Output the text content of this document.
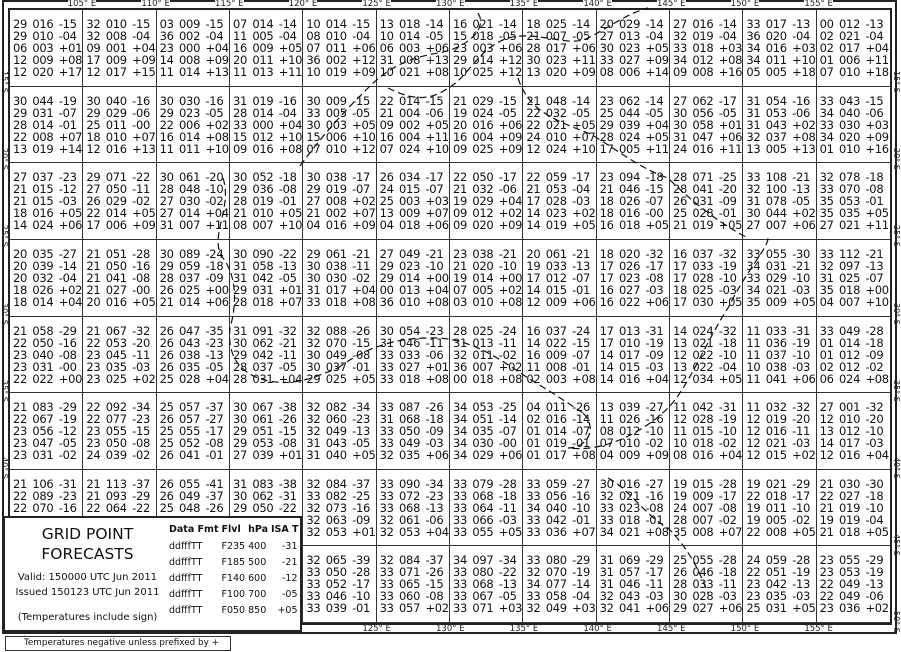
29 016 -15
29 010 -04
06 003 +01
12 009 +08
12 020 +17
32 010 -15
32 008 -04
09 001 +04
17 009 +09
12 017 +15
03 009 -15
36 002 -04
23 000 +04
14 008 +09
11 014 +13
07 014 -14
11 005 -04
16 009 +05
20 011 +10
11 013 +11
10 014 -15
08 010 -04
07 011 +06
36 002 +12
10 019 +09
13 018 -14
10 014 -05
06 003 +06
31 008 +13
10 021 +08
16 021 -14
15 018 -05
23 003 +06
29 014 +12
10 025 +12
18 025 -14
21 007 -05
28 017 +06
30 023 +11
13 020 +09
20 029 -14
27 013 -04
30 023 +05
33 027 +09
08 006 +14
27 016 -14
32 019 -04
33 018 +03
34 012 +08
09 008 +16
33 017 -13
36 020 -04
34 016 +03
34 011 +10
05 005 +18
00 012 -13
02 021 -04
02 017 +04
01 006 +11
07 010 +18
30 044 -19
29 031 -07
28 014 -01
22 008 +07
13 019 +14
30 040 -16
29 029 -06
25 011 -00
18 010 +07
12 016 +13
30 030 -16
29 023 -05
22 006 +02
16 014 +08
11 011 +10
31 019 -16
28 014 -04
33 000 +04
15 012 +10
09 016 +08
30 009 -15
33 005 -05
30 003 +05
15 006 +10
07 010 +12
22 014 -15
21 004 -06
09 002 +05
16 004 +11
07 024 +10
21 029 -15
19 024 -05
20 016 +06
16 004 +09
09 025 +09
21 048 -14
22 032 -05
22 021 +05
24 010 +07
12 024 +10
23 062 -14
25 044 -05
29 039 +04
28 024 +05
17 005 +11
27 062 -17
30 056 -05
30 058 +01
31 047 +06
24 016 +11
31 054 -16
31 053 -06
31 043 +02
32 037 +08
13 005 +13
33 043 -15
34 040 -06
33 030 +03
34 020 +09
01 010 +16
27 037 -23
21 015 -12
21 015 -03
18 016 +05
14 024 +06
29 071 -22
27 050 -11
26 029 -02
22 014 +05
17 006 +09
30 061 -20
28 048 -10
27 030 -02
27 014 +04
31 007 +11
30 052 -18
29 036 -08
28 019 -01
21 010 +05
08 007 +10
30 038 -17
29 019 -07
27 008 +02
21 002 +07
04 016 +09
26 034 -17
24 015 -07
25 003 +03
13 009 +07
04 018 +06
22 050 -17
21 032 -06
19 029 +04
09 012 +02
09 020 +09
22 059 -17
21 053 -04
17 028 -03
14 023 +02
14 019 +05
23 094 -18
21 046 -15
18 026 -07
18 016 -00
16 018 +05
28 071 -25
28 041 -20
26 031 -09
25 028 -01
21 019 +05
33 108 -21
32 100 -13
31 078 -05
30 044 +02
27 007 +06
32 078 -18
33 070 -08
35 053 -01
35 035 +05
27 021 +11
20 035 -27
20 039 -14
20 032 -04
18 026 +02
18 014 +04
21 051 -28
21 050 -16
21 041 -08
21 027 -00
20 016 +05
30 089 -24
29 059 -18
28 037 -09
26 025 +00
21 014 +06
30 090 -22
31 058 -13
31 042 -05
29 031 +01
28 018 +07
29 061 -21
30 038 -11
30 030 -02
31 017 +04
33 018 +08
27 049 -21
29 023 -10
29 014 +00
00 013 +04
36 010 +08
23 038 -21
21 020 -10
19 014 +00
07 005 +02
03 010 +08
20 061 -21
19 033 -13
17 012 -07
14 015 -01
12 009 +06
18 020 -32
17 026 -17
17 023 -08
16 027 -03
16 022 +06
16 037 -32
17 033 -19
17 028 -10
18 025 -03
17 030 +05
33 055 -30
34 031 -21
33 029 -10
34 021 -03
35 009 +05
33 112 -21
32 097 -13
31 025 -07
35 018 +00
04 007 +10
21 058 -29
22 050 -16
23 040 -08
23 031 -00
22 022 +00
21 067 -32
22 053 -20
23 045 -11
23 035 -03
23 025 +02
26 047 -35
26 043 -23
26 038 -13
26 035 -05
25 028 +04
31 091 -32
30 062 -21
29 042 -11
28 037 -05
28 031 +04
32 088 -26
32 070 -15
30 049 -08
30 037 -01
29 025 +05
30 054 -23
31 046 -11
33 033 -06
33 027 +01
33 018 +08
28 025 -24
31 013 -11
32 011 -02
36 007 +02
00 018 +08
16 037 -24
14 022 -15
16 009 -07
11 008 -01
02 003 +08
17 013 -31
17 010 -19
14 017 -09
14 015 -03
14 016 +04
14 024 -32
13 021 -18
12 022 -10
13 022 -04
12 034 +05
11 033 -31
11 036 -19
11 037 -10
10 038 -03
11 041 +06
33 049 -28
01 014 -18
01 012 -09
02 012 -02
06 024 +08
21 083 -29
22 067 -19
23 056 -12
23 047 -05
23 031 -02
22 092 -34
22 077 -23
23 055 -15
23 050 -08
24 039 -02
25 057 -37
26 057 -27
25 055 -17
25 052 -08
26 041 -01
30 067 -38
30 061 -26
29 051 -15
29 053 -08
27 039 +01
32 082 -34
32 060 -23
32 049 -13
31 043 -05
31 040 +05
33 087 -26
31 068 -18
33 050 -09
33 049 -03
32 035 +06
34 053 -25
34 051 -14
34 035 -07
34 030 -00
34 029 +06
04 011 -26
02 016 -14
01 014 -07
01 019 -01
01 017 +08
13 039 -27
11 026 -16
08 012 -10
07 010 -02
04 009 +09
11 042 -31
12 028 -19
11 015 -10
10 018 -02
08 016 +04
11 032 -32
12 019 -20
12 016 -11
12 021 -03
12 015 +02
27 001 -32
12 010 -20
13 012 -10
14 017 -03
12 016 +04
21 106 -31
22 089 -23
22 070 -16
21 113 -37
21 093 -29
22 064 -22
26 055 -41
26 049 -37
25 048 -26
31 083 -38
30 062 -31
29 050 -22
32 084 -37
33 082 -25
32 073 -16
32 063 -09
32 053 +01
33 090 -34
33 072 -23
33 068 -13
32 061 -06
32 053 +04
33 079 -28
33 068 -18
33 064 -11
33 066 -03
33 055 +05
33 059 -27
33 056 -16
34 040 -10
33 042 -01
33 036 +07
30 016 -27
32 021 -16
33 023 -08
33 018 -01
34 021 +08
19 015 -28
19 009 -17
24 007 -08
28 007 -02
35 008 +07
19 021 -29
22 018 -17
19 011 -10
19 005 -02
22 008 +05
21 030 -30
22 027 -18
21 019 -10
19 019 -04
21 018 +05
32 065 -39
33 050 -28
33 052 -17
33 046 -10
33 039 -01
32 084 -37
33 071 -26
33 065 -15
33 060 -08
33 057 +02
34 097 -34
33 080 -22
33 068 -13
33 067 -05
33 071 +03
33 080 -29
32 070 -19
34 077 -14
33 058 -04
32 049 +03
31 069 -29
31 057 -17
31 046 -11
32 043 -03
32 041 +06
25 055 -28
26 046 -18
28 033 -11
30 028 -03
29 027 +06
24 059 -28
22 051 -19
23 042 -13
23 035 -03
25 031 +05
23 055 -29
23 053 -19
22 049 -13
22 049 -06
23 036 +02
105° E	110° E	115° E	120° E	125° E	130° E	135° E	140° E	145° E	150° E	155° E
125° E	130° E	135° E	140° E	145° E	150° E	155° E
15° S
20° S
25° S
30° S
35° S
40° S
15° S
20° S
25° S
30° S
35° S
40° S
45° S
50° S
GRID POINT
FORECASTS
Valid: 150000 UTC Jun 2011
Issued 150123 UTC Jun 2011
(Temperatures include sign)
Data Fmt	Flvl	hPa	ISA T
ddfffTT	F235	400	-31
ddfffTT	F185	500	-21
ddfffTT	F140	600	-12
ddfffTT	F100	700	-05
ddfffTT	F050	850	+05
Temperatures negative unless prefixed by +
